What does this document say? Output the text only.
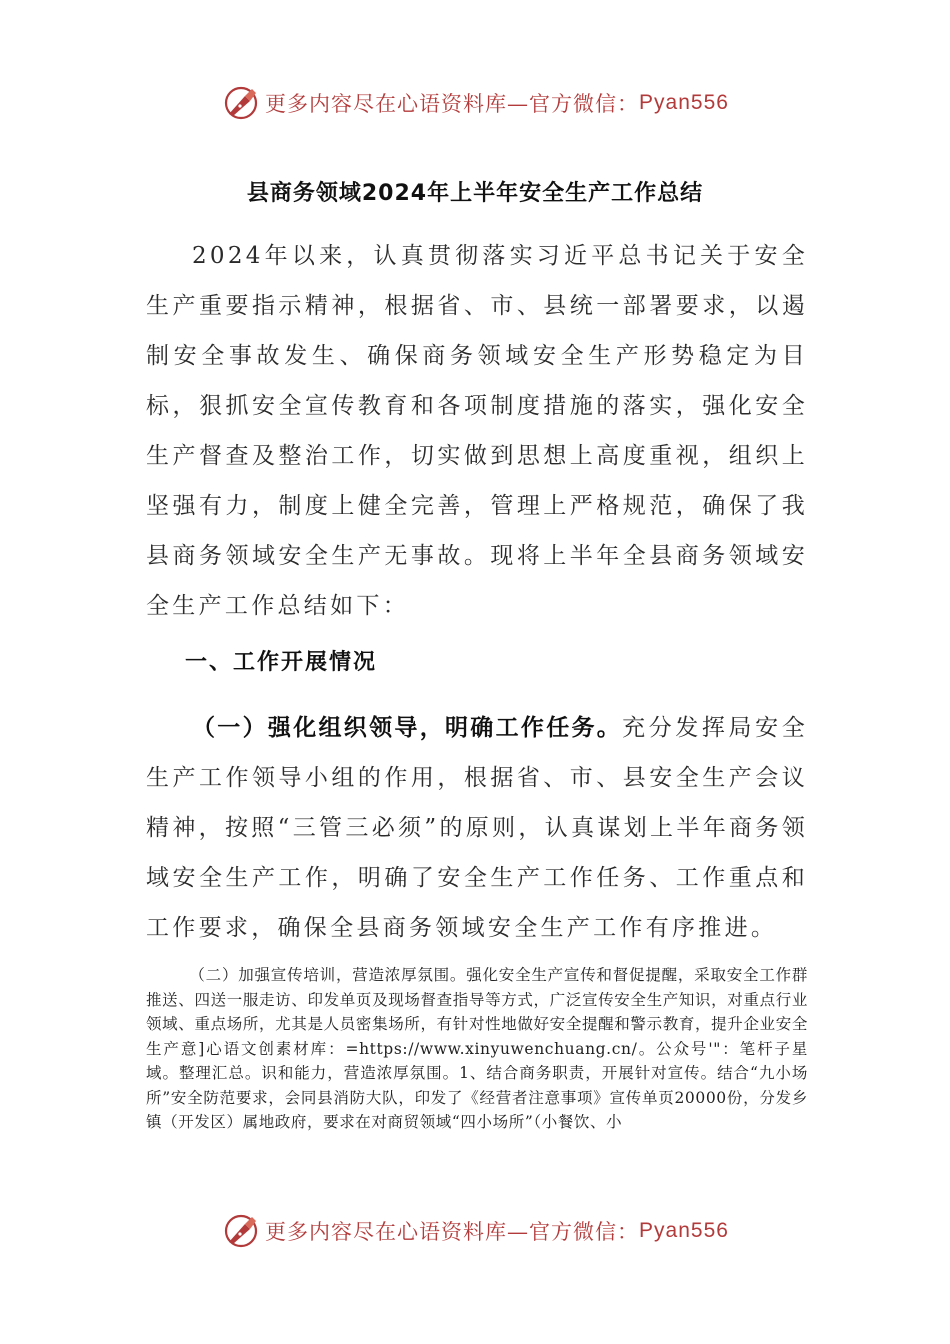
更多内容尽在心语资料库—官方微信： Pyan556
县商务领域2024年上半年安全生产工作总结

2024年以来，认真贯彻落实习近平总书记关于安全生产重要指示精神，根据省、市、县统一部署要求，以遏制安全事故发生、确保商务领域安全生产形势稳定为目标，狠抓安全宣传教育和各项制度措施的落实，强化安全生产督查及整治工作，切实做到思想上高度重视，组织上坚强有力，制度上健全完善，管理上严格规范，确保了我县商务领域安全生产无事故。现将上半年全县商务领域安全生产工作总结如下：

一、工作开展情况

（一）强化组织领导，明确工作任务。充分发挥局安全生产工作领导小组的作用，根据省、市、县安全生产会议精神，按照“三管三必须”的原则，认真谋划上半年商务领域安全生产工作，明确了安全生产工作任务、工作重点和工作要求，确保全县商务领域安全生产工作有序推进。

（二）加强宣传培训，营造浓厚氛围。强化安全生产宣传和督促提醒，采取安全工作群推送、四送一服走访、印发单页及现场督查指导等方式，广泛宣传安全生产知识，对重点行业领域、重点场所，尤其是人员密集场所，有针对性地做好安全提醒和警示教育，提升企业安全生产意]心语文创素材库：=https://www.xinyuwenchuang.cn/。公众号'"：笔杆子星域。整理汇总。识和能力，营造浓厚氛围。1、结合商务职责，开展针对宣传。结合“九小场所”安全防范要求，会同县消防大队，印发了《经营者注意事项》宣传单页20000份，分发乡镇（开发区）属地政府，要求在对商贸领域“四小场所”（小餐饮、小

更多内容尽在心语资料库—官方微信： Pyan556
